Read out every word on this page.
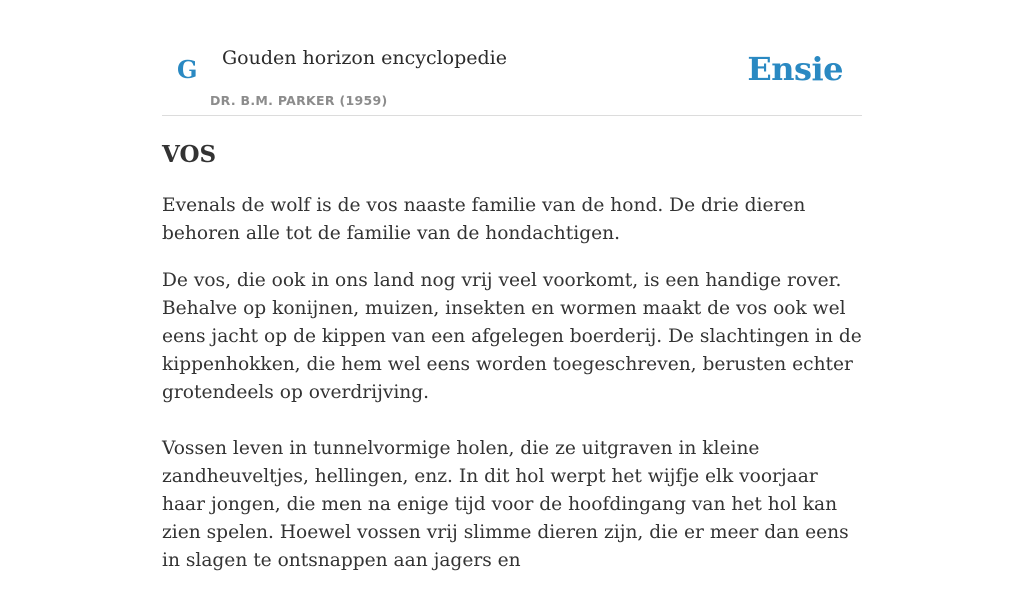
G Gouden horizon encyclopedie
DR. B.M. PARKER (1959)
Ensie
VOS

Evenals de wolf is de vos naaste familie van de hond. De drie dieren behoren alle tot de familie van de hondachtigen.

De vos, die ook in ons land nog vrij veel voorkomt, is een handige rover. Behalve op konijnen, muizen, insekten en wormen maakt de vos ook wel eens jacht op de kippen van een afgelegen boerderij. De slachtingen in de kippenhokken, die hem wel eens worden toegeschreven, berusten echter grotendeels op overdrijving.

Vossen leven in tunnelvormige holen, die ze uitgraven in kleine zandheuveltjes, hellingen, enz. In dit hol werpt het wijfje elk voorjaar haar jongen, die men na enige tijd voor de hoofdingang van het hol kan zien spelen. Hoewel vossen vrij slimme dieren zijn, die er meer dan eens in slagen te ontsnappen aan jagers en
